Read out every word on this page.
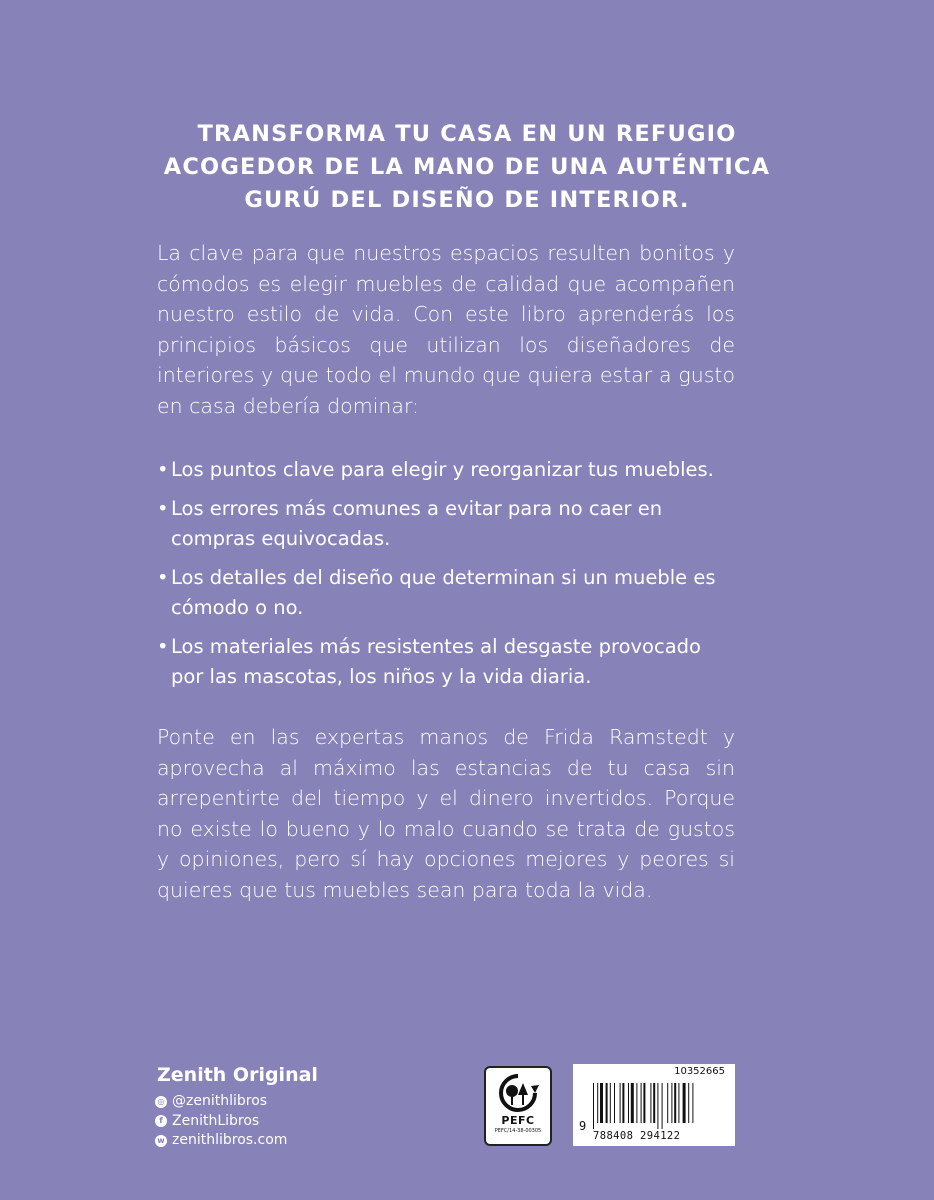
TRANSFORMA TU CASA EN UN REFUGIO
ACOGEDOR DE LA MANO DE UNA AUTÉNTICA
GURÚ DEL DISEÑO DE INTERIOR.

La clave para que nuestros espacios resulten bonitos y cómodos es elegir muebles de calidad que acompañen nuestro estilo de vida. Con este libro aprenderás los principios básicos que utilizan los diseñadores de interiores y que todo el mundo que quiera estar a gusto en casa debería dominar:

• Los puntos clave para elegir y reorganizar tus muebles.
• Los errores más comunes a evitar para no caer en compras equivocadas.
• Los detalles del diseño que determinan si un mueble es cómodo o no.
• Los materiales más resistentes al desgaste provocado por las mascotas, los niños y la vida diaria.

Ponte en las expertas manos de Frida Ramstedt y aprovecha al máximo las estancias de tu casa sin arrepentirte del tiempo y el dinero invertidos. Porque no existe lo bueno y lo malo cuando se trata de gustos y opiniones, pero sí hay opciones mejores y peores si quieres que tus muebles sean para toda la vida.

Zenith Original
◎ @zenithlibros
f ZenithLibros
w zenithlibros.com
PEFC
PEFC/14-38-00305
10352665
9
788408 294122
